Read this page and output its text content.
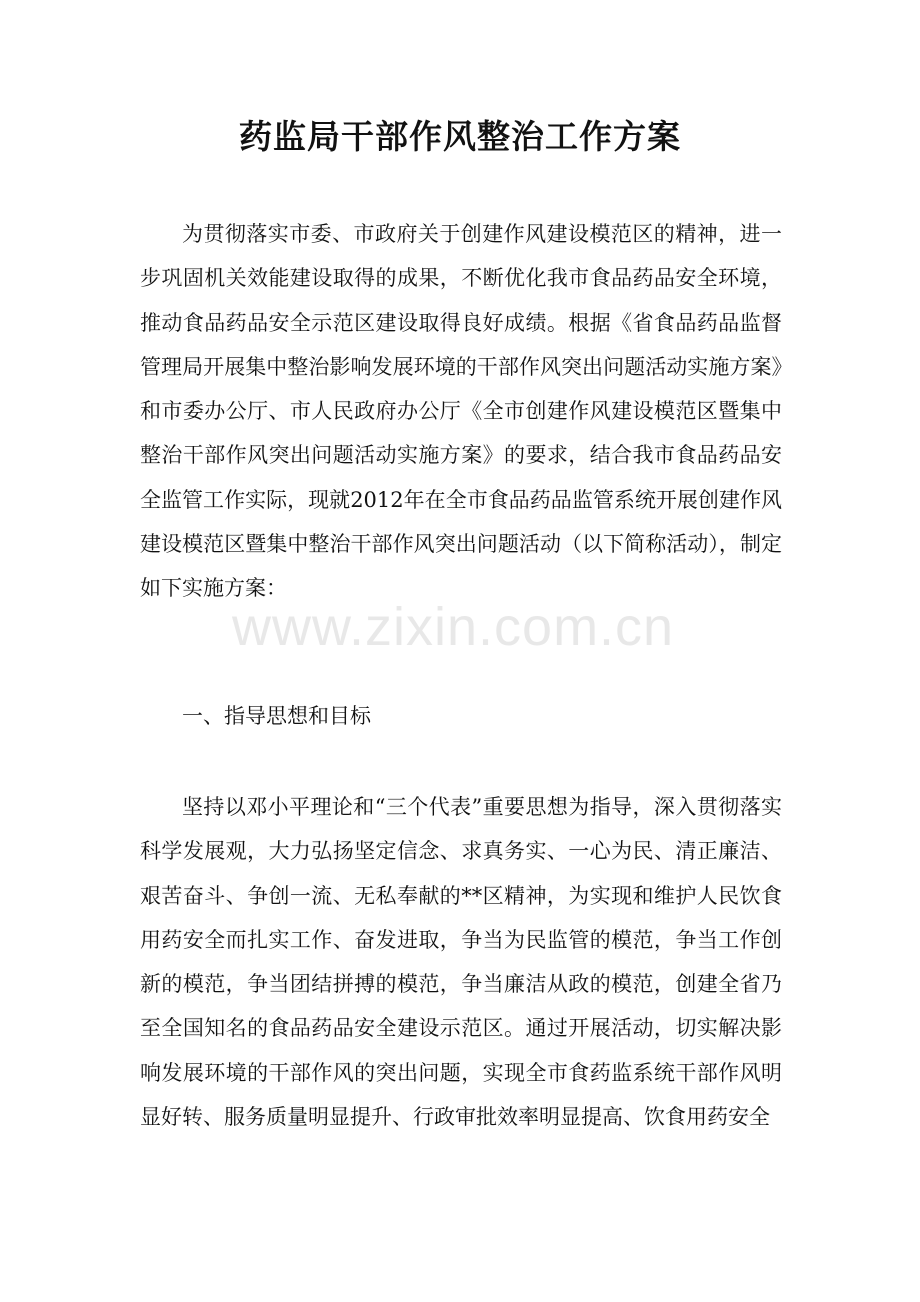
药监局干部作风整治工作方案

为贯彻落实市委、市政府关于创建作风建设模范区的精神，进一步巩固机关效能建设取得的成果，不断优化我市食品药品安全环境，推动食品药品安全示范区建设取得良好成绩。根据《省食品药品监督管理局开展集中整治影响发展环境的干部作风突出问题活动实施方案》和市委办公厅、市人民政府办公厅《全市创建作风建设模范区暨集中整治干部作风突出问题活动实施方案》的要求，结合我市食品药品安全监管工作实际，现就2012年在全市食品药品监管系统开展创建作风建设模范区暨集中整治干部作风突出问题活动（以下简称活动），制定如下实施方案：

一、指导思想和目标

坚持以邓小平理论和“三个代表”重要思想为指导，深入贯彻落实科学发展观，大力弘扬坚定信念、求真务实、一心为民、清正廉洁、艰苦奋斗、争创一流、无私奉献的**区精神，为实现和维护人民饮食用药安全而扎实工作、奋发进取，争当为民监管的模范，争当工作创新的模范，争当团结拼搏的模范，争当廉洁从政的模范，创建全省乃至全国知名的食品药品安全建设示范区。通过开展活动，切实解决影响发展环境的干部作风的突出问题，实现全市食药监系统干部作风明显好转、服务质量明显提升、行政审批效率明显提高、饮食用药安全

www.zixin.com.cn
